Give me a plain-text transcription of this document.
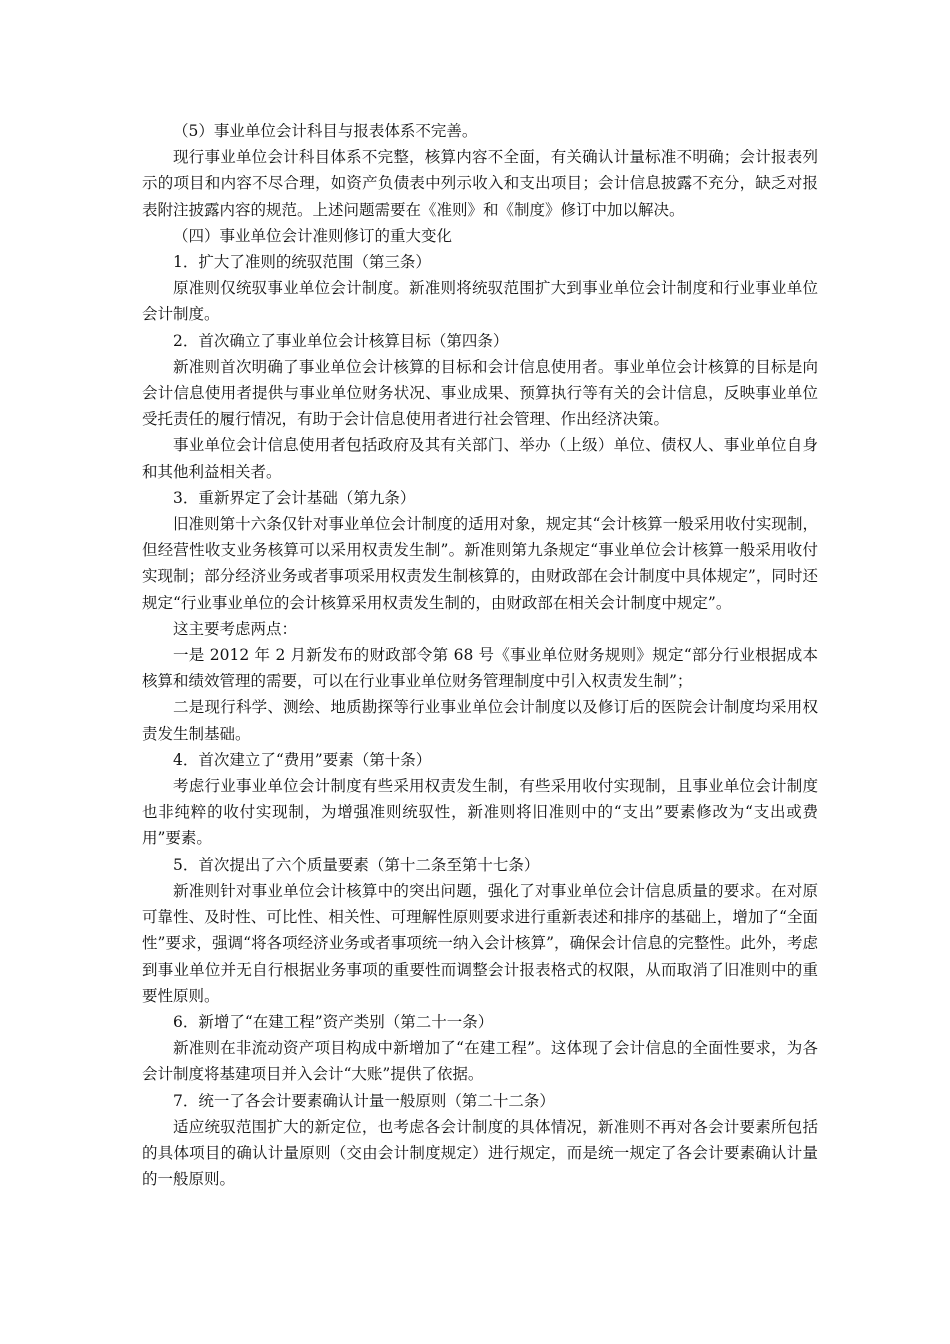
（5）事业单位会计科目与报表体系不完善。

现行事业单位会计科目体系不完整，核算内容不全面，有关确认计量标准不明确；会计报表列示的项目和内容不尽合理，如资产负债表中列示收入和支出项目；会计信息披露不充分，缺乏对报表附注披露内容的规范。上述问题需要在《准则》和《制度》修订中加以解决。

（四）事业单位会计准则修订的重大变化

1．扩大了准则的统驭范围（第三条）

原准则仅统驭事业单位会计制度。新准则将统驭范围扩大到事业单位会计制度和行业事业单位会计制度。

2．首次确立了事业单位会计核算目标（第四条）

新准则首次明确了事业单位会计核算的目标和会计信息使用者。事业单位会计核算的目标是向会计信息使用者提供与事业单位财务状况、事业成果、预算执行等有关的会计信息，反映事业单位受托责任的履行情况，有助于会计信息使用者进行社会管理、作出经济决策。

事业单位会计信息使用者包括政府及其有关部门、举办（上级）单位、债权人、事业单位自身和其他利益相关者。

3．重新界定了会计基础（第九条）

旧准则第十六条仅针对事业单位会计制度的适用对象，规定其“会计核算一般采用收付实现制，但经营性收支业务核算可以采用权责发生制”。新准则第九条规定“事业单位会计核算一般采用收付实现制；部分经济业务或者事项采用权责发生制核算的，由财政部在会计制度中具体规定”，同时还规定“行业事业单位的会计核算采用权责发生制的，由财政部在相关会计制度中规定”。

这主要考虑两点：

一是 2012 年 2 月新发布的财政部令第 68 号《事业单位财务规则》规定“部分行业根据成本核算和绩效管理的需要，可以在行业事业单位财务管理制度中引入权责发生制”；

二是现行科学、测绘、地质勘探等行业事业单位会计制度以及修订后的医院会计制度均采用权责发生制基础。

4．首次建立了“费用”要素（第十条）

考虑行业事业单位会计制度有些采用权责发生制，有些采用收付实现制，且事业单位会计制度也非纯粹的收付实现制，为增强准则统驭性，新准则将旧准则中的“支出”要素修改为“支出或费用”要素。

5．首次提出了六个质量要素（第十二条至第十七条）

新准则针对事业单位会计核算中的突出问题，强化了对事业单位会计信息质量的要求。在对原可靠性、及时性、可比性、相关性、可理解性原则要求进行重新表述和排序的基础上，增加了“全面性”要求，强调“将各项经济业务或者事项统一纳入会计核算”，确保会计信息的完整性。此外，考虑到事业单位并无自行根据业务事项的重要性而调整会计报表格式的权限，从而取消了旧准则中的重要性原则。

6．新增了“在建工程”资产类别（第二十一条）

新准则在非流动资产项目构成中新增加了“在建工程”。这体现了会计信息的全面性要求，为各会计制度将基建项目并入会计“大账”提供了依据。

7．统一了各会计要素确认计量一般原则（第二十二条）

适应统驭范围扩大的新定位，也考虑各会计制度的具体情况，新准则不再对各会计要素所包括的具体项目的确认计量原则（交由会计制度规定）进行规定，而是统一规定了各会计要素确认计量的一般原则。
